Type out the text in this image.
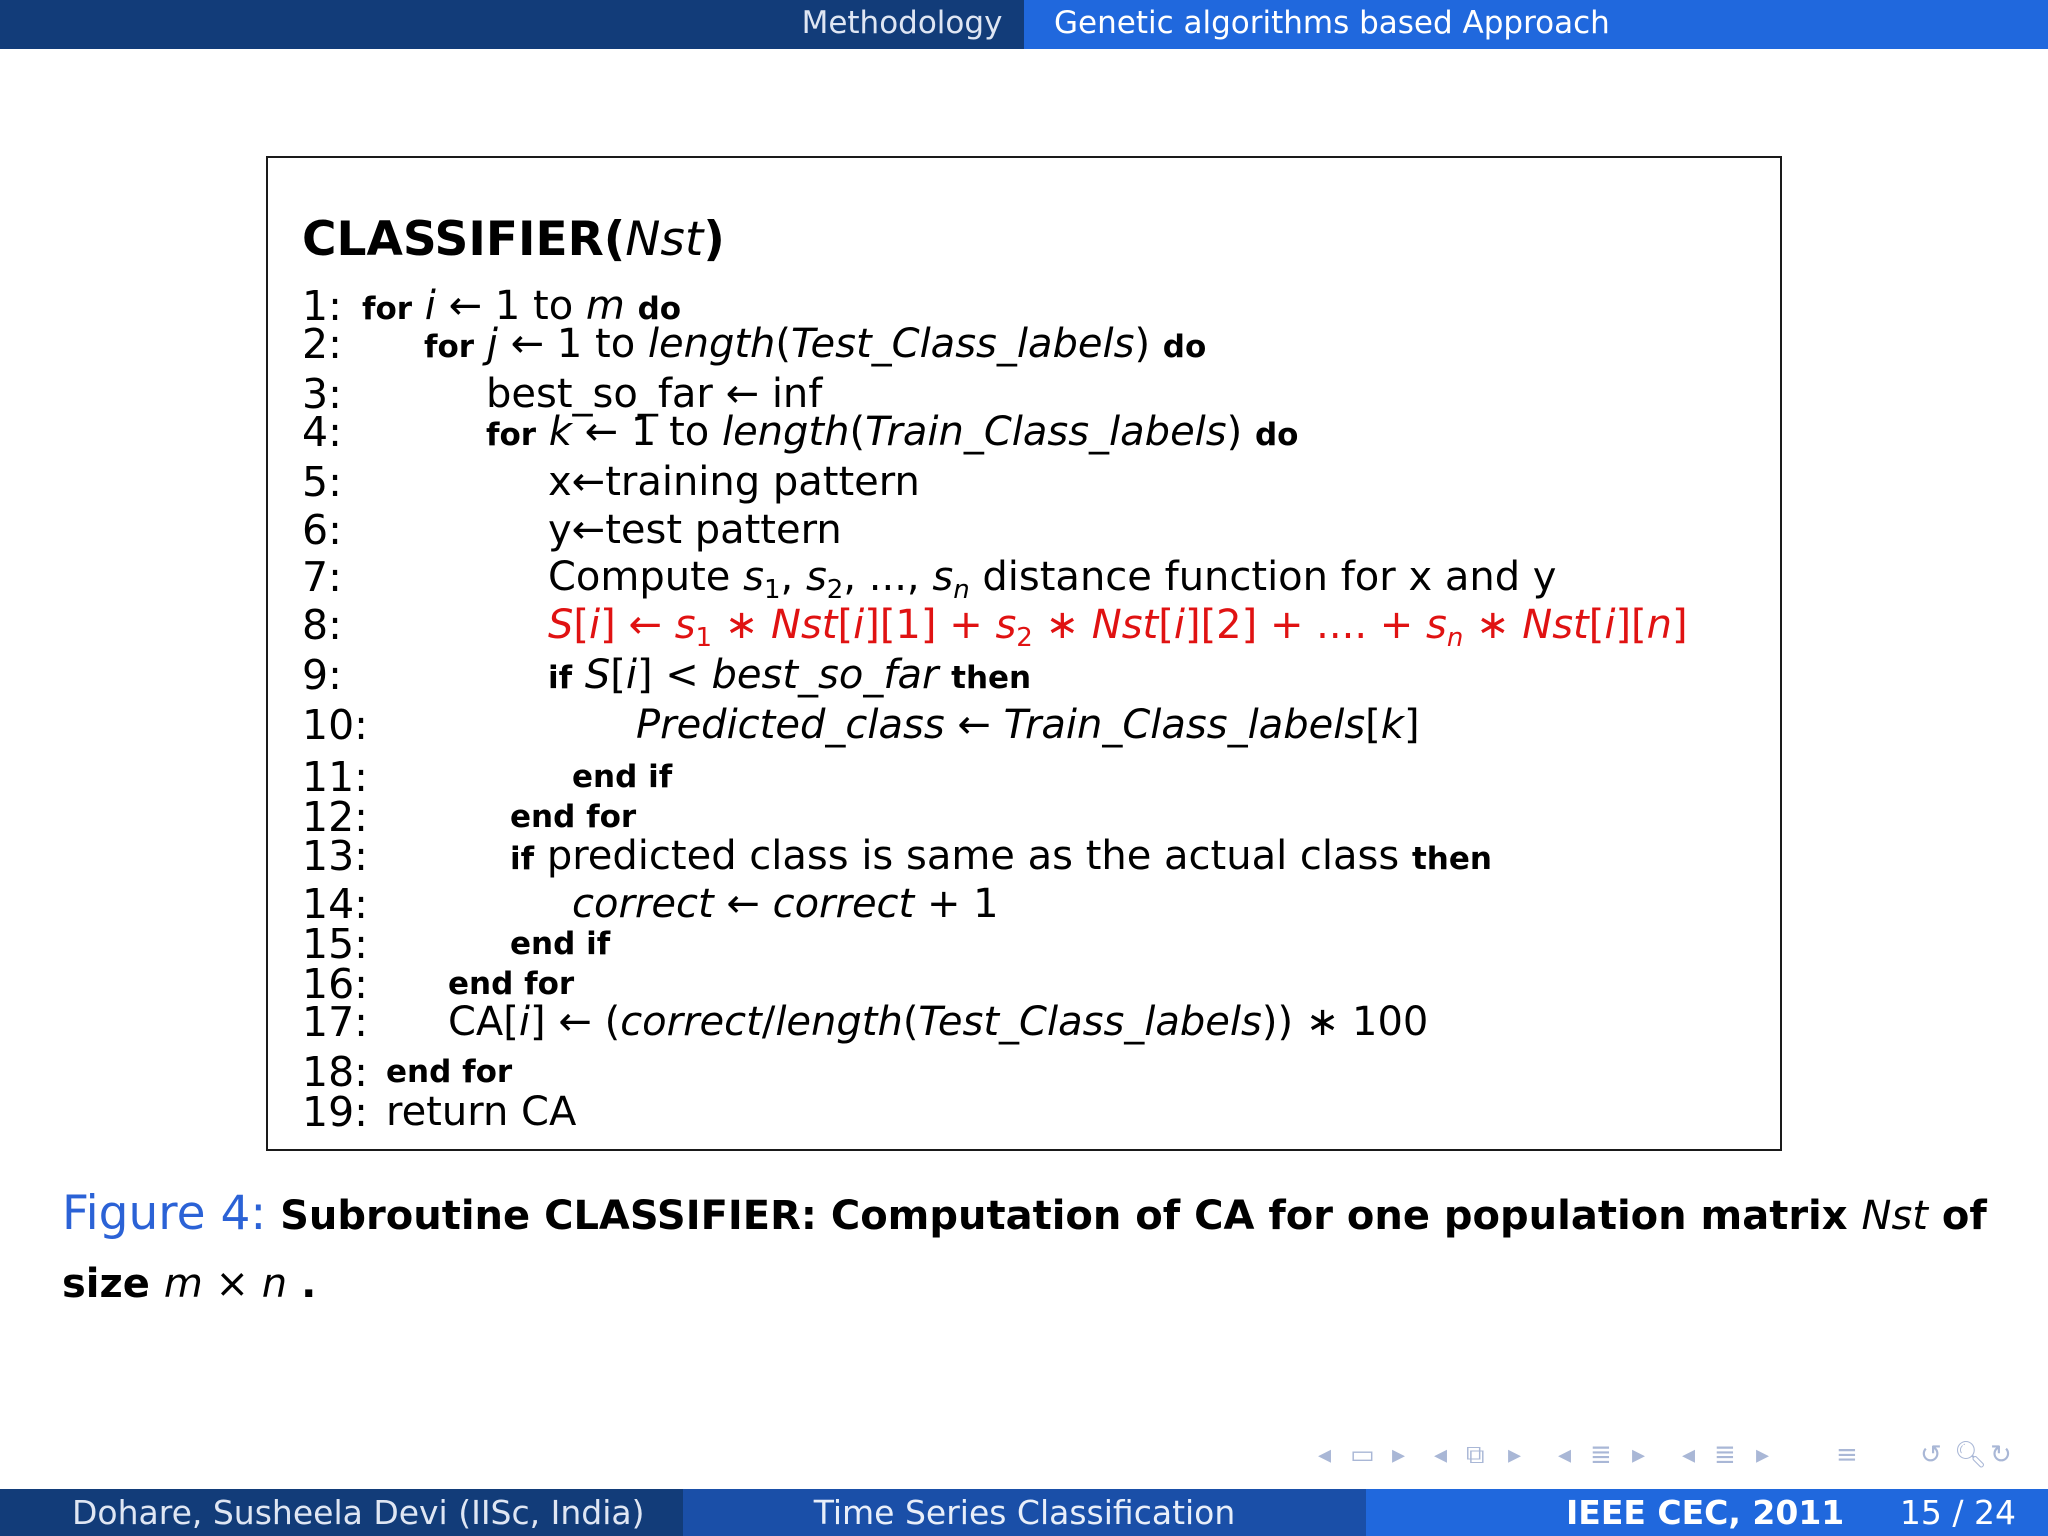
Methodology	Genetic algorithms based Approach
CLASSIFIER(Nst)
1: for i ← 1 to m do
2:	for j ← 1 to length(Test_Class_labels) do
3:	best_so_far ← inf
4:	for k ← 1 to length(Train_Class_labels) do
5:	x←training pattern
6:	y←test pattern
7:	Compute $s_1$, $s_2$, ..., $s_n$ distance function for x and y
8:	S[i] ← $s_1$ ∗ $Nst[i][1] + s_2$ ∗ Nst[i][2] + .... + $s_n$ ∗ Nst[i][n]
9:	if S[i] < best_so_far then
10:	Predicted_class ← Train_Class_labels[k]
11:	end if
12:	end for
13:	if predicted class is same as the actual class then
14:	correct ← correct + 1
15:	end if
16:	end for
17: CA[i] ← (correct/length(Test_Class_labels)) ∗ 100
18: end for
19: return CA
Figure 4: Subroutine CLASSIFIER: Computation of CA for one population matrix Nst of size m × n .
◂ ▭ ▸ ◂ ⧉ ▸ ◂ ≣ ▸ ◂ ≣ ▸	≡ ↺ 🔍︎ ↻
Dohare, Susheela Devi (IISc, India)	Time Series Classification	IEEE CEC, 2011 15 / 24
